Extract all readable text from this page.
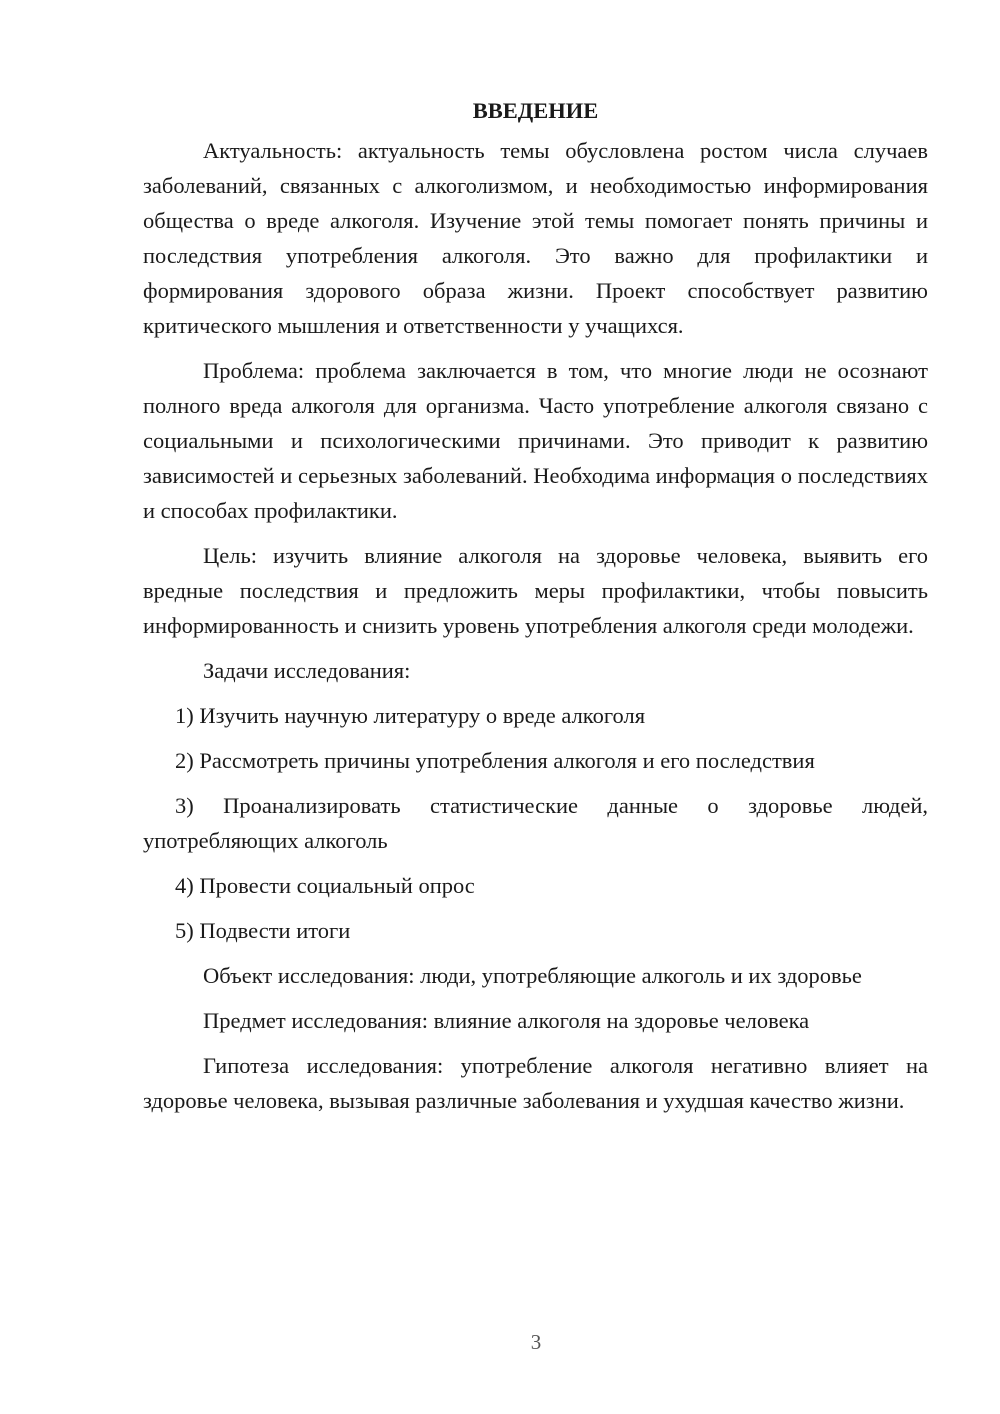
ВВЕДЕНИЕ

Актуальность: актуальность темы обусловлена ростом числа случаев заболеваний, связанных с алкоголизмом, и необходимостью информирования общества о вреде алкоголя. Изучение этой темы помогает понять причины и последствия употребления алкоголя. Это важно для профилактики и формирования здорового образа жизни. Проект способствует развитию критического мышления и ответственности у учащихся.

Проблема: проблема заключается в том, что многие люди не осознают полного вреда алкоголя для организма. Часто употребление алкоголя связано с социальными и психологическими причинами. Это приводит к развитию зависимостей и серьезных заболеваний. Необходима информация о последствиях и способах профилактики.

Цель: изучить влияние алкоголя на здоровье человека, выявить его вредные последствия и предложить меры профилактики, чтобы повысить информированность и снизить уровень употребления алкоголя среди молодежи.

Задачи исследования:

1) Изучить научную литературу о вреде алкоголя

2) Рассмотреть причины употребления алкоголя и его последствия

3) Проанализировать статистические данные о здоровье людей, употребляющих алкоголь

4) Провести социальный опрос

5) Подвести итоги

Объект исследования: люди, употребляющие алкоголь и их здоровье

Предмет исследования: влияние алкоголя на здоровье человека

Гипотеза исследования: употребление алкоголя негативно влияет на здоровье человека, вызывая различные заболевания и ухудшая качество жизни.

3
